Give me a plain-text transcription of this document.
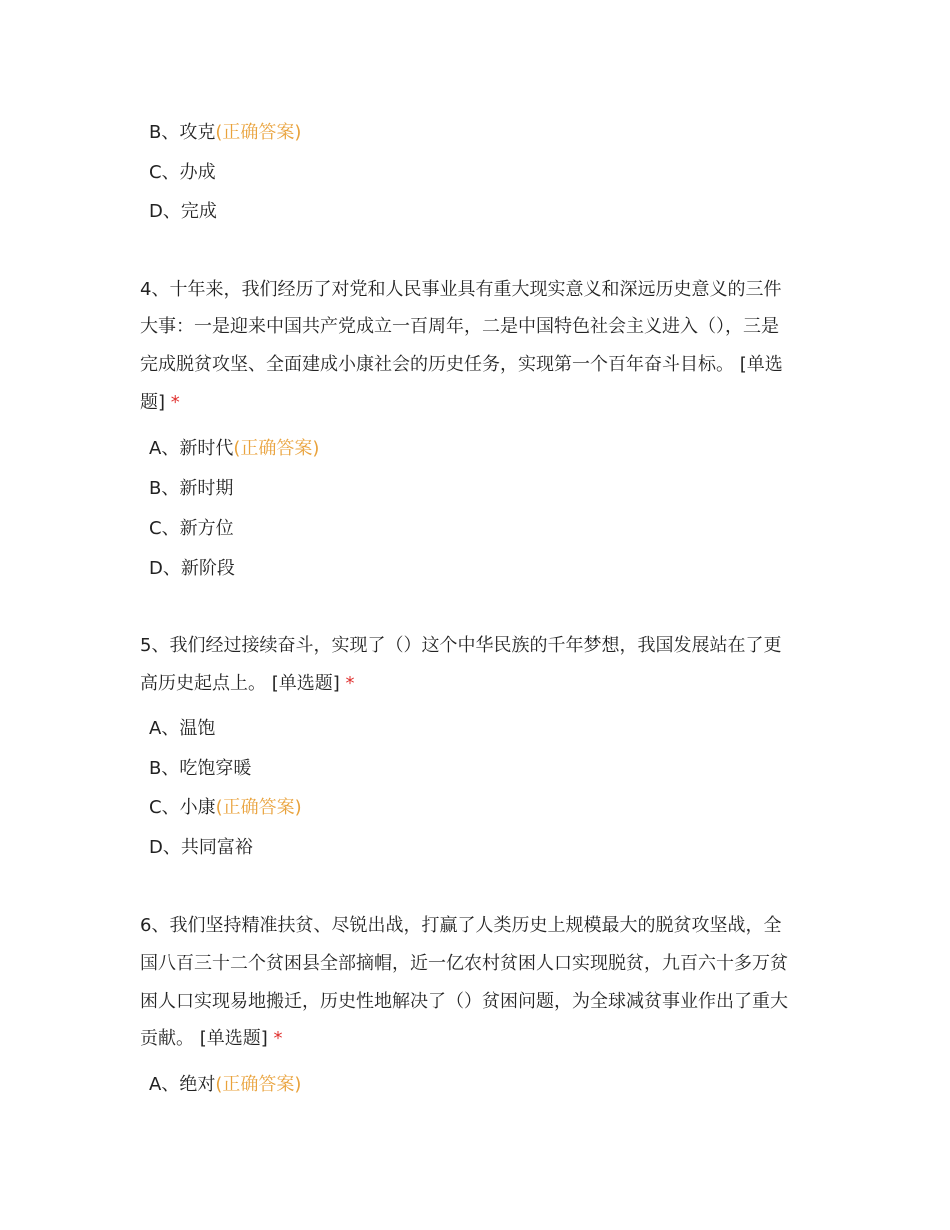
B、攻克(正确答案)
C、办成
D、完成
4、十年来，我们经历了对党和人民事业具有重大现实意义和深远历史意义的三件
大事：一是迎来中国共产党成立一百周年，二是中国特色社会主义进入（），三是
完成脱贫攻坚、全面建成小康社会的历史任务，实现第一个百年奋斗目标。 [单选
题] *
A、新时代(正确答案)
B、新时期
C、新方位
D、新阶段
5、我们经过接续奋斗，实现了（）这个中华民族的千年梦想，我国发展站在了更
高历史起点上。 [单选题] *
A、温饱
B、吃饱穿暖
C、小康(正确答案)
D、共同富裕
6、我们坚持精准扶贫、尽锐出战，打赢了人类历史上规模最大的脱贫攻坚战，全
国八百三十二个贫困县全部摘帽，近一亿农村贫困人口实现脱贫，九百六十多万贫
困人口实现易地搬迁，历史性地解决了（）贫困问题，为全球减贫事业作出了重大
贡献。 [单选题] *
A、绝对(正确答案)
